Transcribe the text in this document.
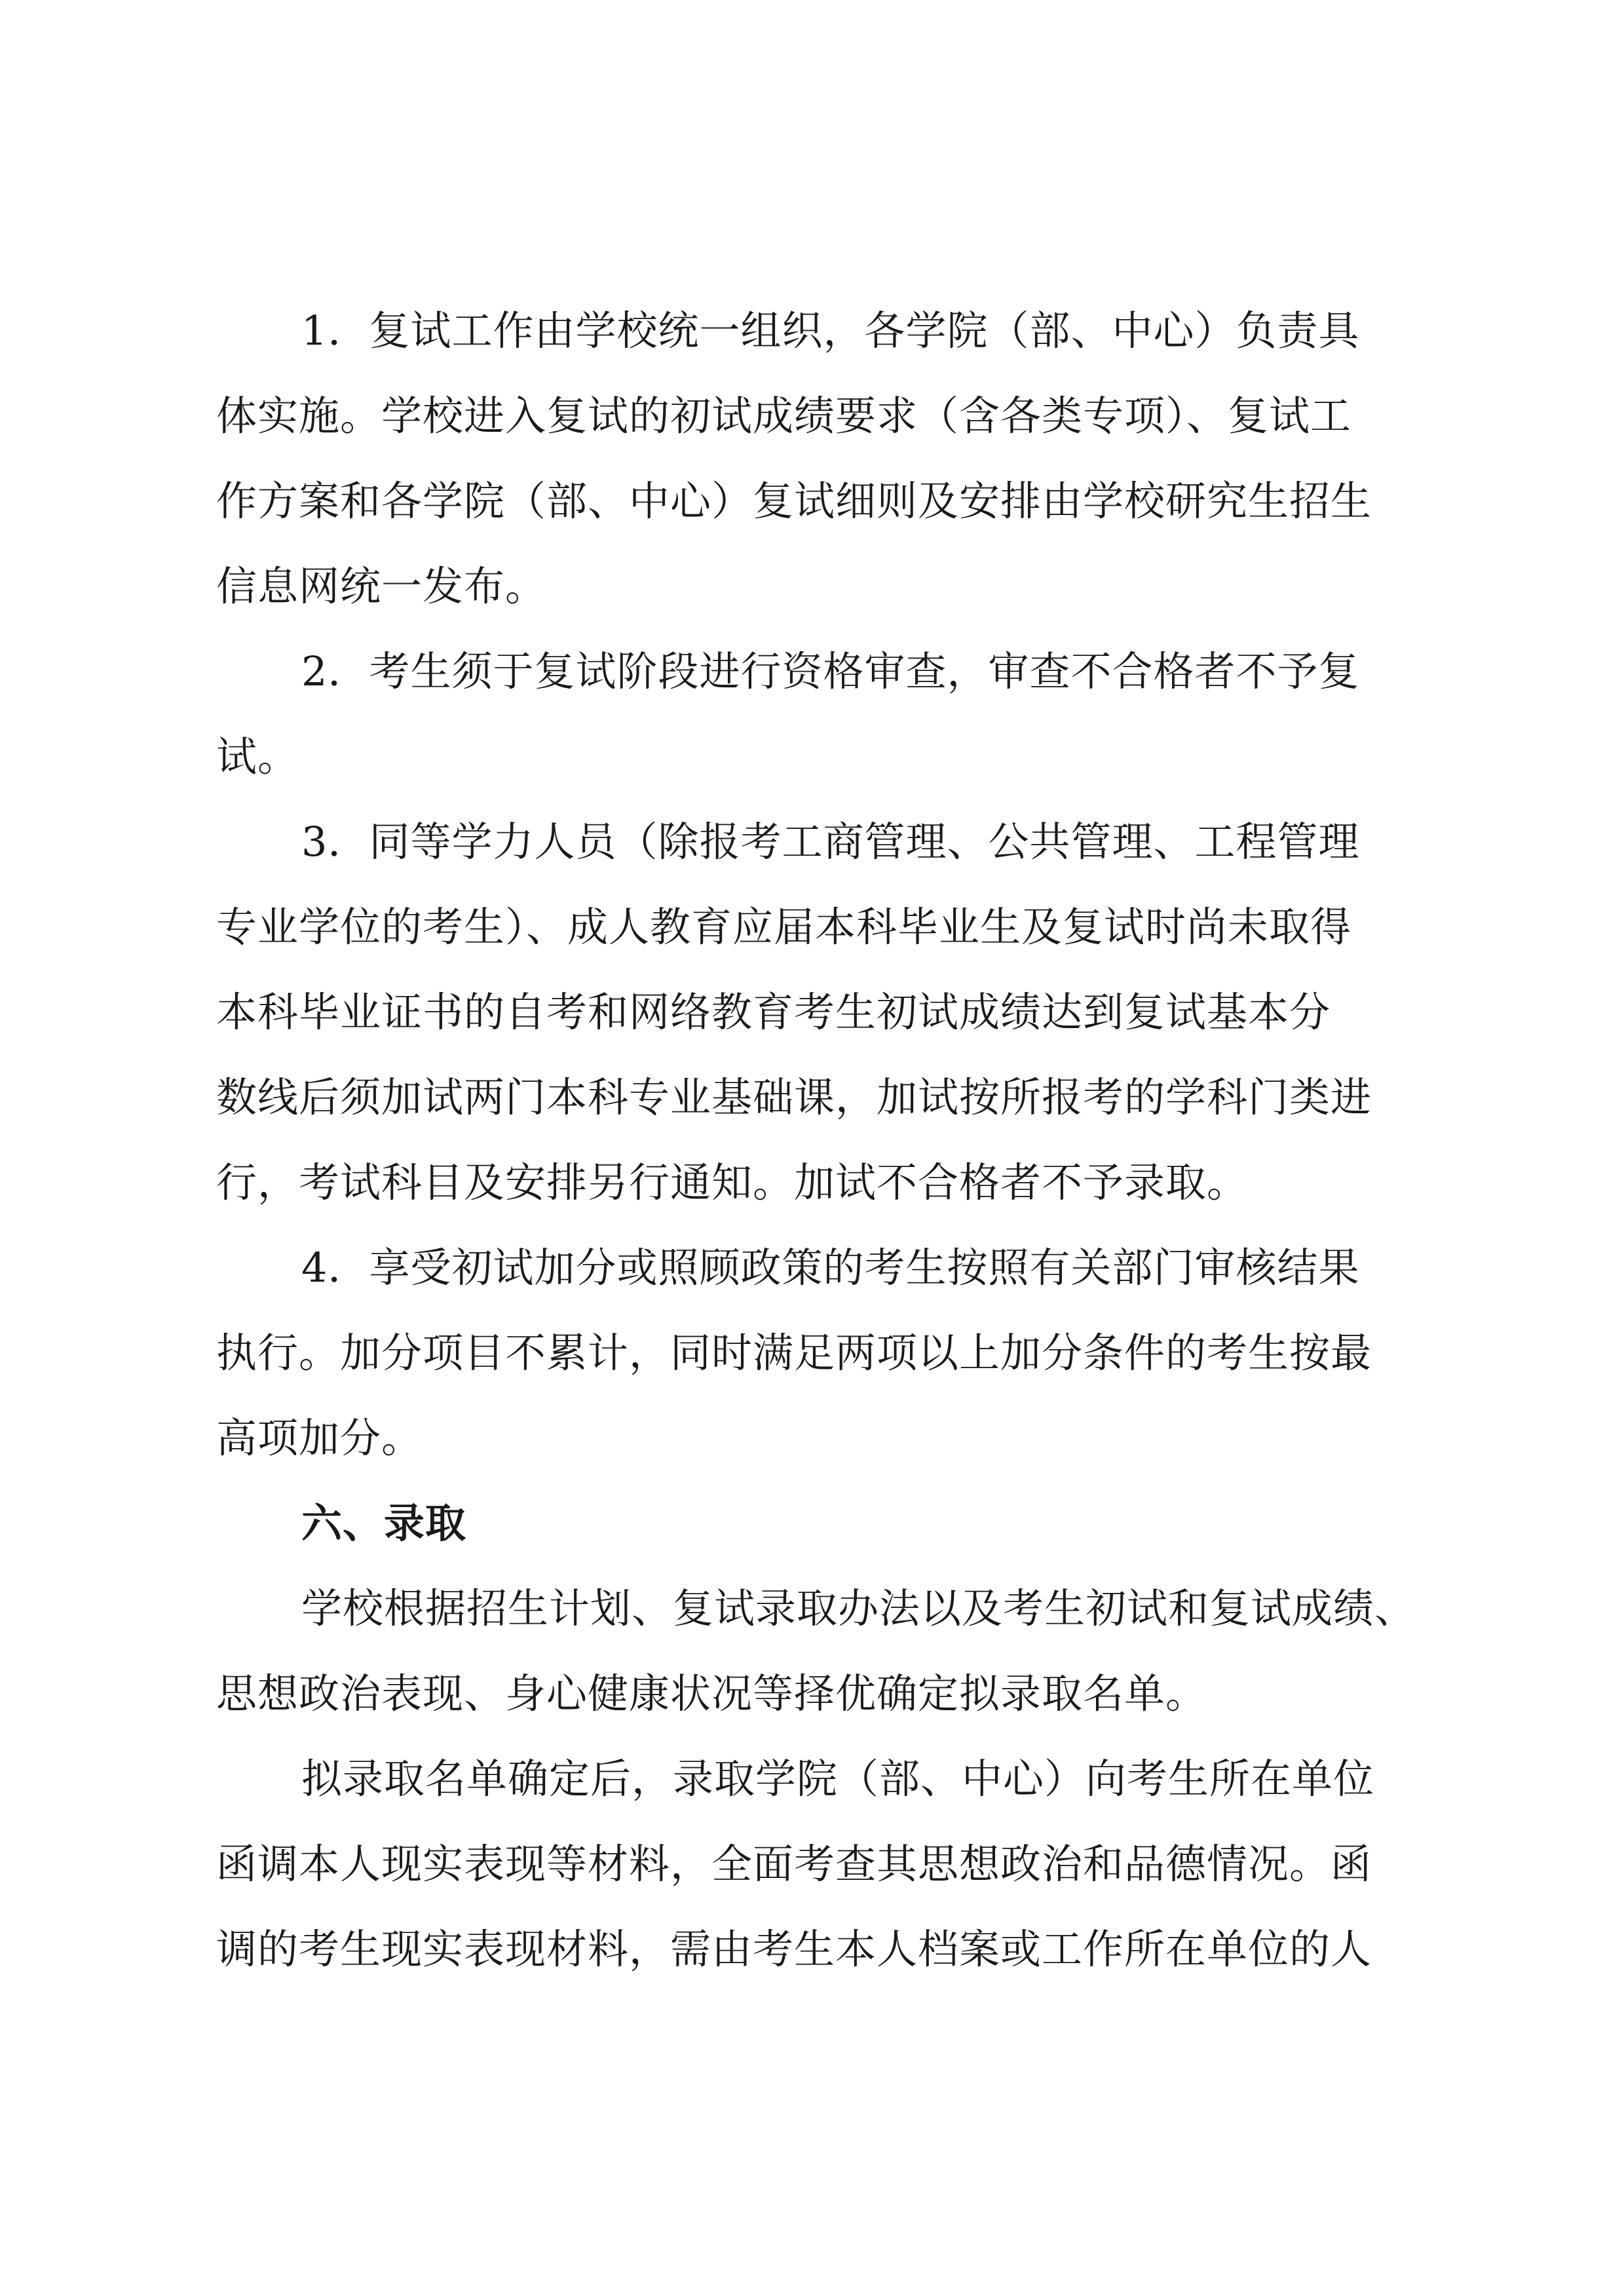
1．复试工作由学校统一组织，各学院（部、中心）负责具
体实施。学校进入复试的初试成绩要求（含各类专项）、复试工
作方案和各学院（部、中心）复试细则及安排由学校研究生招生
信息网统一发布。
2．考生须于复试阶段进行资格审查，审查不合格者不予复
试。
3．同等学力人员（除报考工商管理、公共管理、工程管理
专业学位的考生）、成人教育应届本科毕业生及复试时尚未取得
本科毕业证书的自考和网络教育考生初试成绩达到复试基本分
数线后须加试两门本科专业基础课，加试按所报考的学科门类进
行，考试科目及安排另行通知。加试不合格者不予录取。
4．享受初试加分或照顾政策的考生按照有关部门审核结果
执行。加分项目不累计，同时满足两项以上加分条件的考生按最
高项加分。
六、录取
学校根据招生计划、复试录取办法以及考生初试和复试成绩、
思想政治表现、身心健康状况等择优确定拟录取名单。
拟录取名单确定后，录取学院（部、中心）向考生所在单位
函调本人现实表现等材料，全面考查其思想政治和品德情况。函
调的考生现实表现材料，需由考生本人档案或工作所在单位的人
